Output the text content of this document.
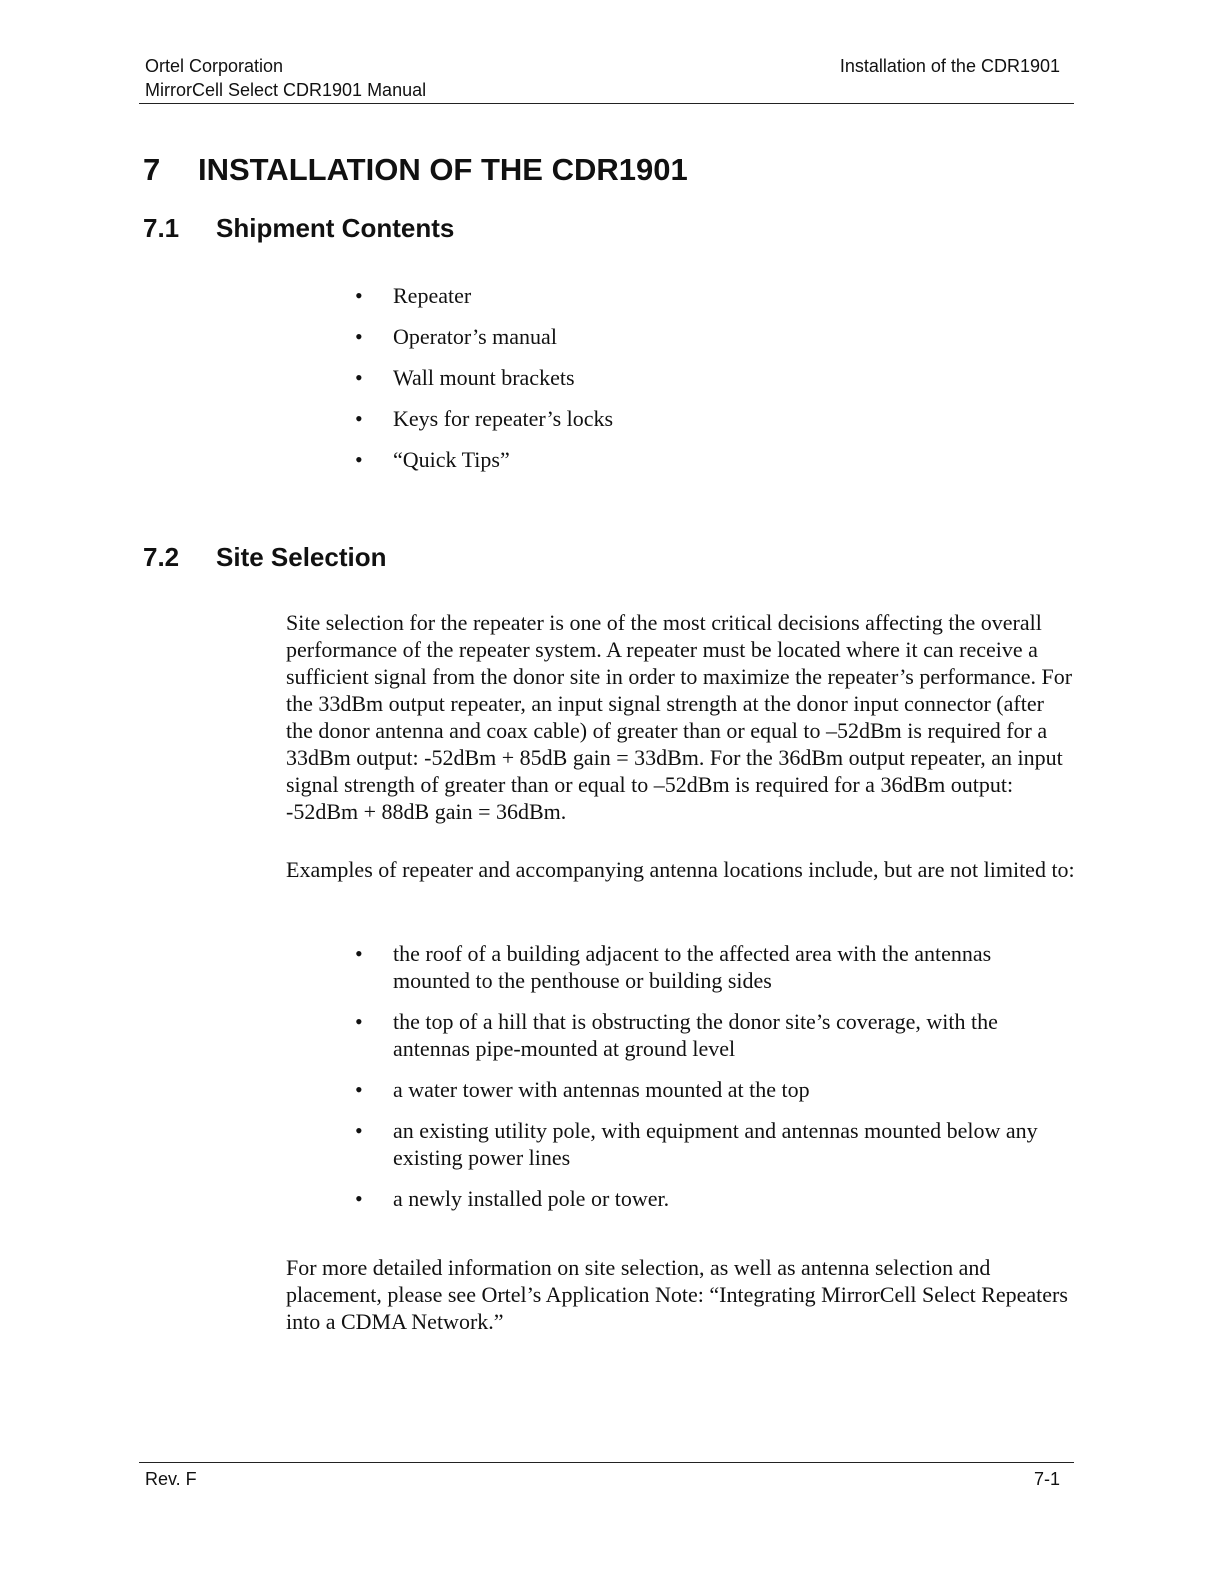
Ortel Corporation
MirrorCell Select CDR1901 Manual
Installation of the CDR1901
7 INSTALLATION OF THE CDR1901
7.1 Shipment Contents
•	Repeater
•	Operator’s manual
•	Wall mount brackets
•	Keys for repeater’s locks
•	“Quick Tips”
7.2 Site Selection

Site selection for the repeater is one of the most critical decisions affecting the overall performance of the repeater system. A repeater must be located where it can receive a sufficient signal from the donor site in order to maximize the repeater’s performance. For the 33dBm output repeater, an input signal strength at the donor input connector (after the donor antenna and coax cable) of greater than or equal to –52dBm is required for a 33dBm output: -52dBm + 85dB gain = 33dBm. For the 36dBm output repeater, an input signal strength of greater than or equal to –52dBm is required for a 36dBm output: -52dBm + 88dB gain = 36dBm.

Examples of repeater and accompanying antenna locations include, but are not limited to:

•	the roof of a building adjacent to the affected area with the antennas mounted to the penthouse or building sides
•	the top of a hill that is obstructing the donor site’s coverage, with the antennas pipe-mounted at ground level
•	a water tower with antennas mounted at the top
•	an existing utility pole, with equipment and antennas mounted below any existing power lines
•	a newly installed pole or tower.

For more detailed information on site selection, as well as antenna selection and placement, please see Ortel’s Application Note: “Integrating MirrorCell Select Repeaters into a CDMA Network.”

Rev. F	7-1
